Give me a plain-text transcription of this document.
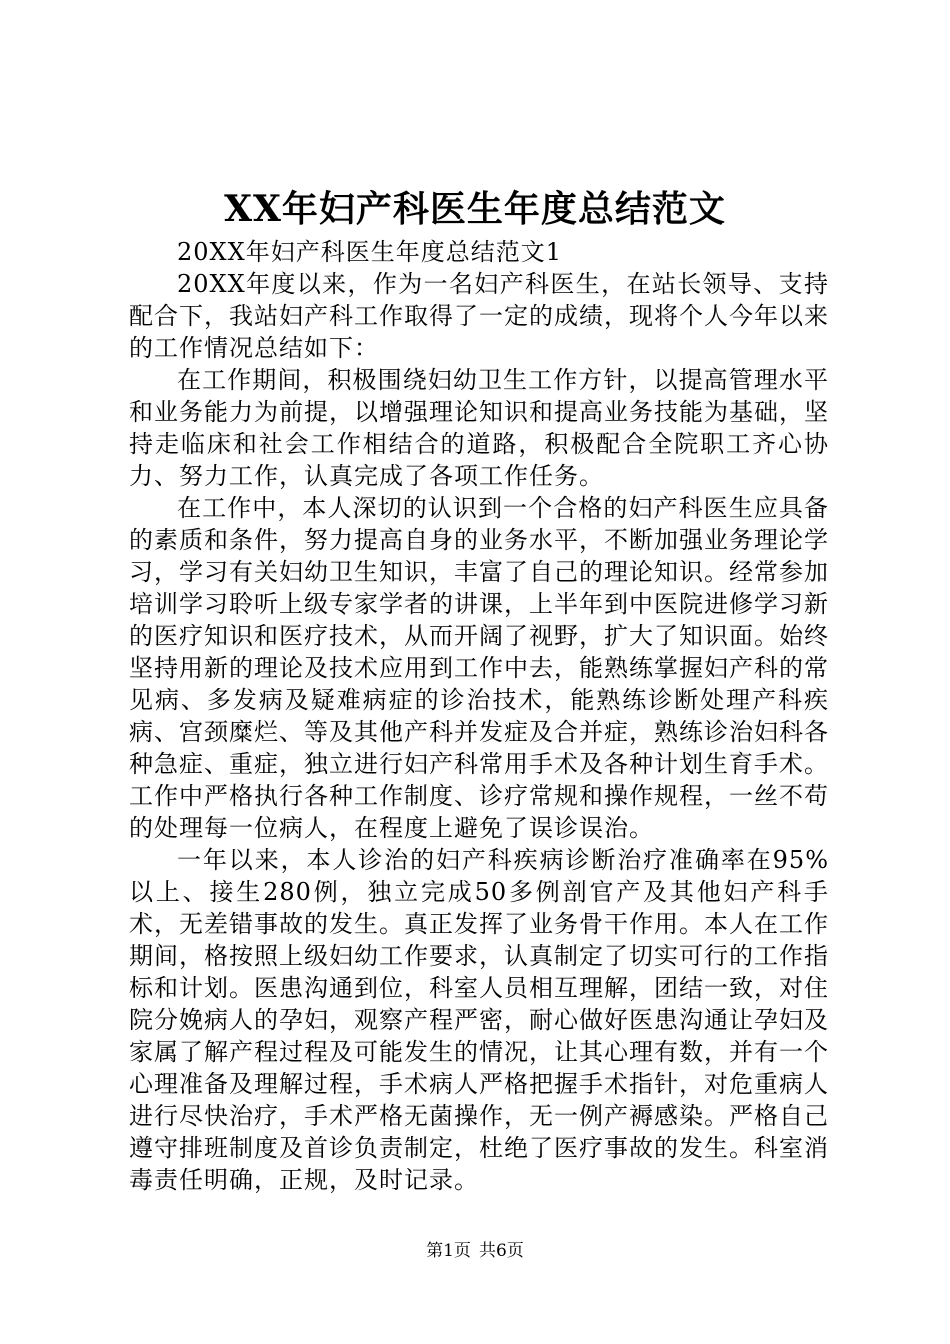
XX年妇产科医生年度总结范文

20XX年妇产科医生年度总结范文1

20XX年度以来，作为一名妇产科医生，在站长领导、支持配合下，我站妇产科工作取得了一定的成绩，现将个人今年以来的工作情况总结如下：

在工作期间，积极围绕妇幼卫生工作方针，以提高管理水平和业务能力为前提，以增强理论知识和提高业务技能为基础，坚持走临床和社会工作相结合的道路，积极配合全院职工齐心协力、努力工作，认真完成了各项工作任务。

在工作中，本人深切的认识到一个合格的妇产科医生应具备的素质和条件，努力提高自身的业务水平，不断加强业务理论学习，学习有关妇幼卫生知识，丰富了自己的理论知识。经常参加培训学习聆听上级专家学者的讲课，上半年到中医院进修学习新的医疗知识和医疗技术，从而开阔了视野，扩大了知识面。始终坚持用新的理论及技术应用到工作中去，能熟练掌握妇产科的常见病、多发病及疑难病症的诊治技术，能熟练诊断处理产科疾病、宫颈糜烂、等及其他产科并发症及合并症，熟练诊治妇科各种急症、重症，独立进行妇产科常用手术及各种计划生育手术。工作中严格执行各种工作制度、诊疗常规和操作规程，一丝不苟的处理每一位病人，在程度上避免了误诊误治。

一年以来，本人诊治的妇产科疾病诊断治疗准确率在95%以上、接生280例，独立完成50多例剖官产及其他妇产科手术，无差错事故的发生。真正发挥了业务骨干作用。本人在工作期间，格按照上级妇幼工作要求，认真制定了切实可行的工作指标和计划。医患沟通到位，科室人员相互理解，团结一致，对住院分娩病人的孕妇，观察产程严密，耐心做好医患沟通让孕妇及家属了解产程过程及可能发生的情况，让其心理有数，并有一个心理准备及理解过程，手术病人严格把握手术指针，对危重病人进行尽快治疗，手术严格无菌操作，无一例产褥感染。严格自己遵守排班制度及首诊负责制定，杜绝了医疗事故的发生。科室消毒责任明确，正规，及时记录。

第1页 共6页
